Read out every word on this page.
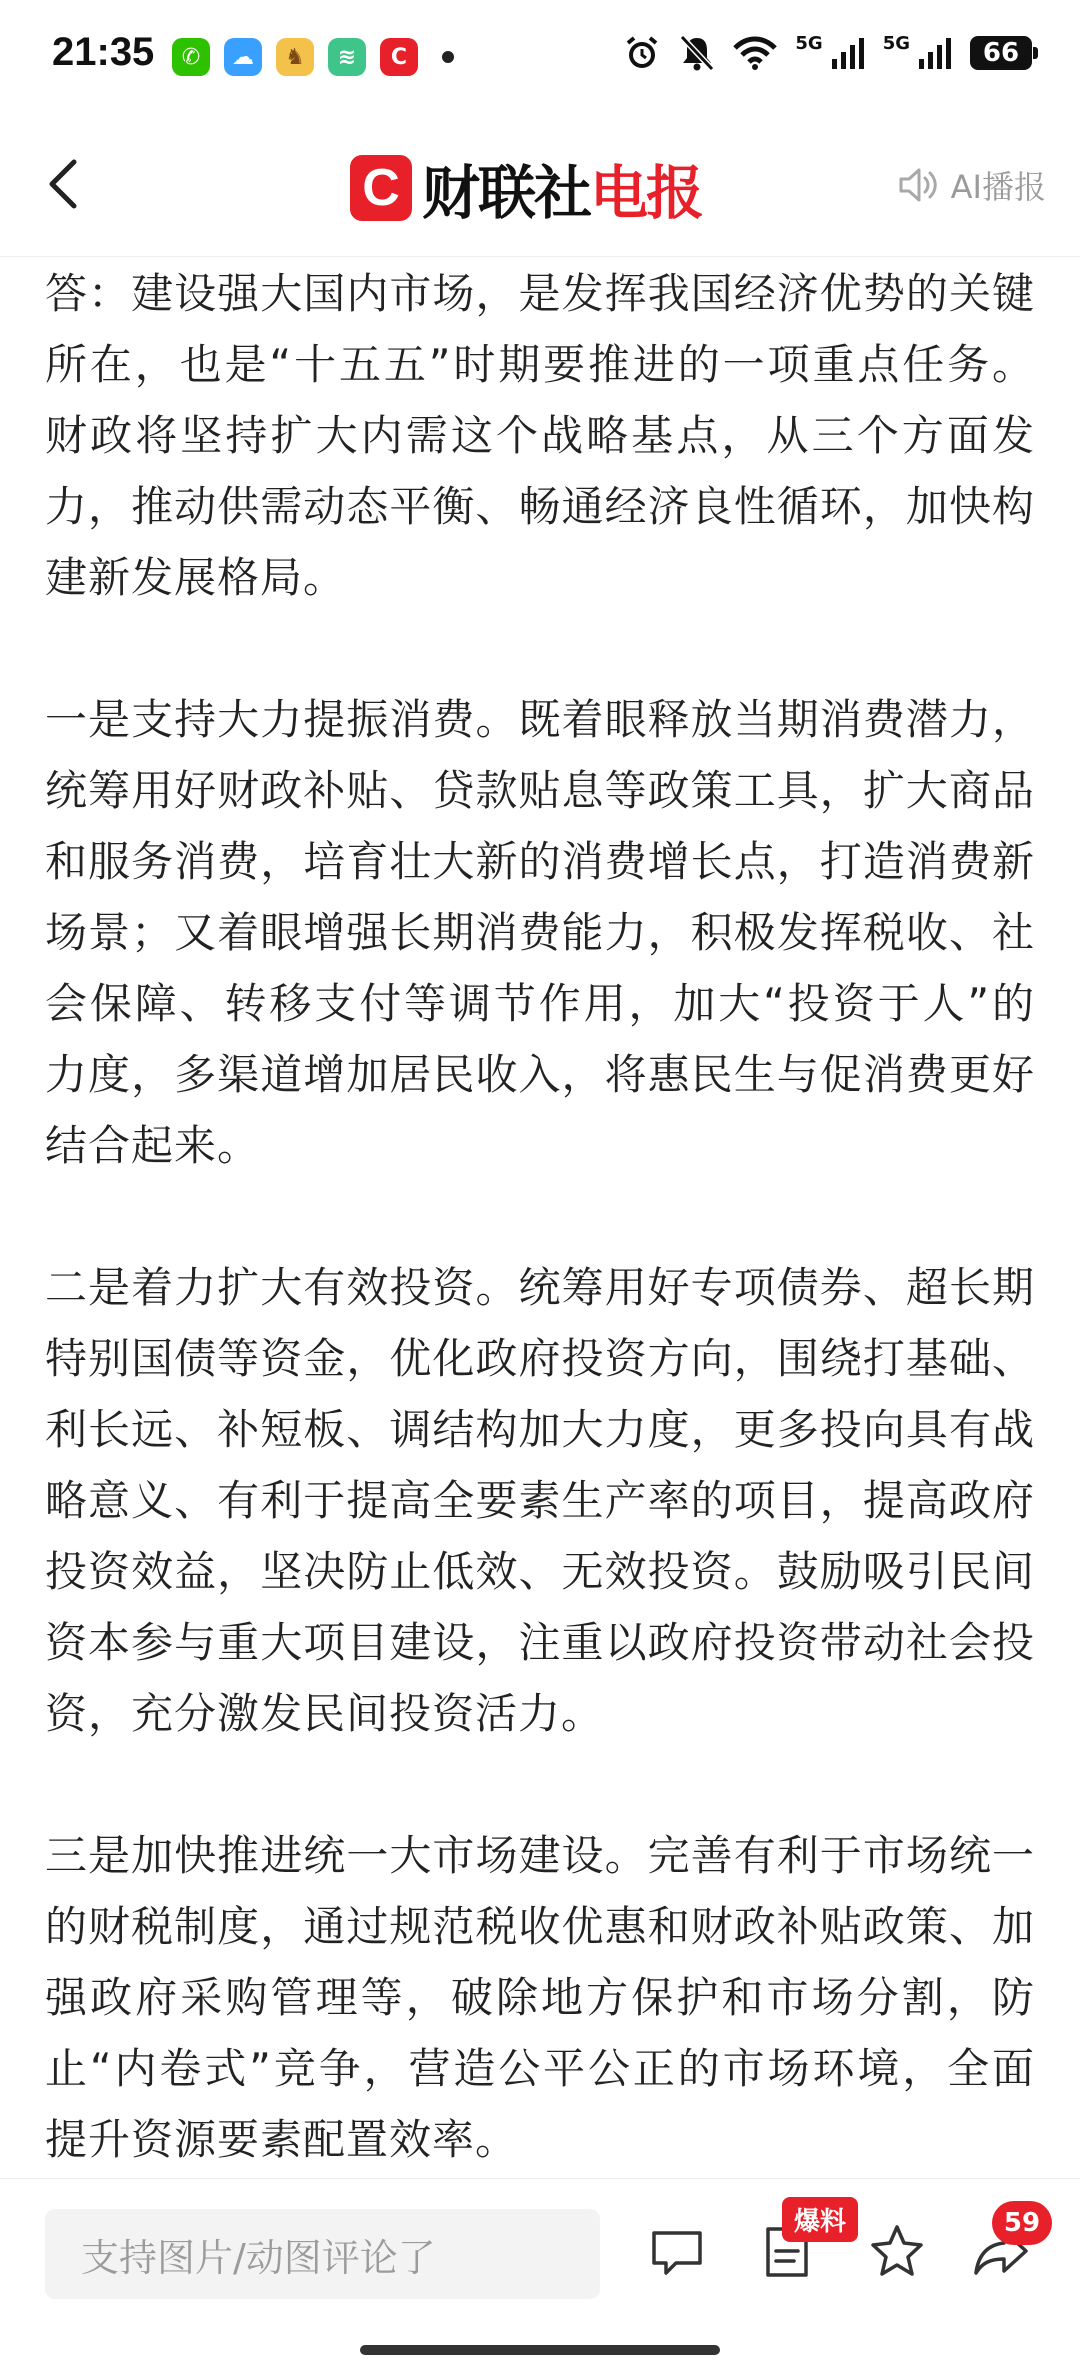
21:35	✆	☁	♞	≋	C
5G	5G	66
C 财联社电报	AI播报

答：建设强大国内市场，是发挥我国经济优势的关键所在，也是“十五五”时期要推进的一项重点任务。财政将坚持扩大内需这个战略基点，从三个方面发力，推动供需动态平衡、畅通经济良性循环，加快构建新发展格局。

一是支持大力提振消费。既着眼释放当期消费潜力，统筹用好财政补贴、贷款贴息等政策工具，扩大商品和服务消费，培育壮大新的消费增长点，打造消费新场景；又着眼增强长期消费能力，积极发挥税收、社会保障、转移支付等调节作用，加大“投资于人”的力度，多渠道增加居民收入，将惠民生与促消费更好结合起来。

二是着力扩大有效投资。统筹用好专项债券、超长期特别国债等资金，优化政府投资方向，围绕打基础、利长远、补短板、调结构加大力度，更多投向具有战略意义、有利于提高全要素生产率的项目，提高政府投资效益，坚决防止低效、无效投资。鼓励吸引民间资本参与重大项目建设，注重以政府投资带动社会投资，充分激发民间投资活力。

三是加快推进统一大市场建设。完善有利于市场统一的财税制度，通过规范税收优惠和财政补贴政策、加强政府采购管理等，破除地方保护和市场分割，防止“内卷式”竞争，营造公平公正的市场环境，全面提升资源要素配置效率。

支持图片/动图评论了
爆料	59
